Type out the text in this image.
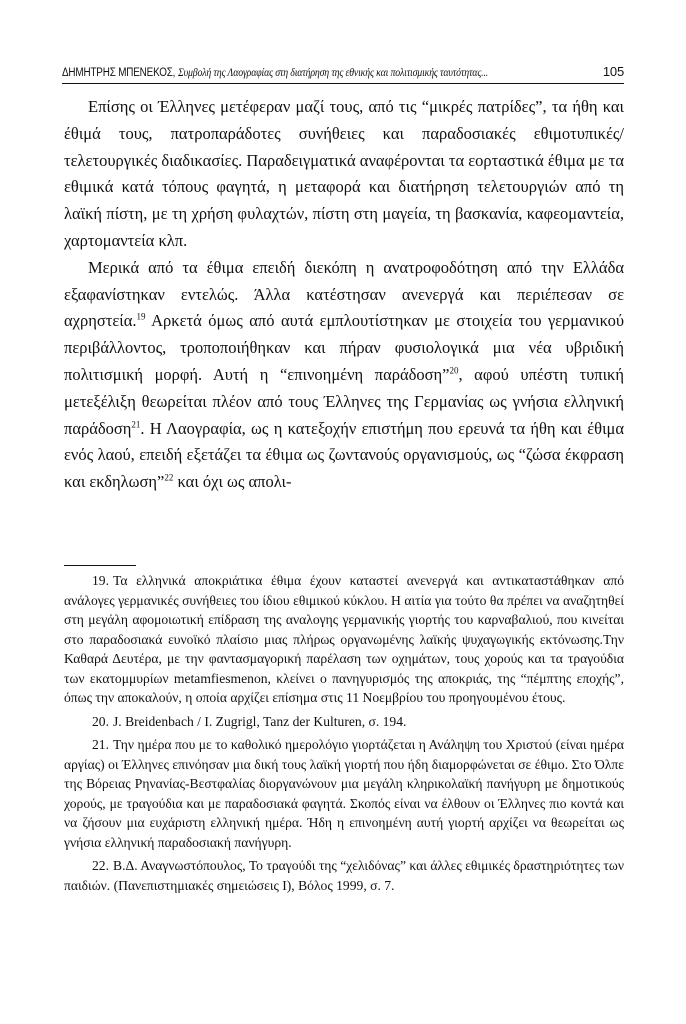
ΔΗΜΗΤΡΗΣ ΜΠΕΝΕΚΟΣ, Συμβολή της Λαογραφίας στη διατήρηση της εθνικής και πολιτισμικής ταυτότητας...	105

Επίσης οι Έλληνες μετέφεραν μαζί τους, από τις “μικρές πατρίδες”, τα ήθη και έθιμά τους, πατροπαράδοτες συνήθειες και παραδοσιακές εθιμοτυπικές/τελετουργικές διαδικασίες. Παραδειγματικά αναφέρονται τα εορταστικά έθιμα με τα εθιμικά κατά τόπους φαγητά, η μεταφορά και διατήρηση τελετουργιών από τη λαϊκή πίστη, με τη χρήση φυλαχτών, πίστη στη μαγεία, τη βασκανία, καφεομαντεία, χαρτομαντεία κλπ.

Μερικά από τα έθιμα επειδή διεκόπη η ανατροφοδότηση από την Ελλάδα εξαφανίστηκαν εντελώς. Άλλα κατέστησαν ανενεργά και περιέπεσαν σε αχρηστεία.$^{19}$ Αρκετά όμως από αυτά εμπλουτίστηκαν με στοιχεία του γερμανικού περιβάλλοντος, τροποποιήθηκαν και πήραν φυσιολογικά μια νέα υβριδική πολιτισμική μορφή. Αυτή η “επινοημένη παράδοση”$^{20}$, αφού υπέστη τυπική μετεξέλιξη θεωρείται πλέον από τους Έλληνες της Γερμανίας ως γνήσια ελληνική παράδοση$^{21}$. Η Λαογραφία, ως η κατεξοχήν επιστήμη που ερευνά τα ήθη και έθιμα ενός λαού, επειδή εξετάζει τα έθιμα ως ζωντανούς οργανισμούς, ως “ζώσα έκφραση και εκδηλωση”$^{22}$ και όχι ως απολι-

19. Τα ελληνικά αποκριάτικα έθιμα έχουν καταστεί ανενεργά και αντικαταστάθηκαν από ανάλογες γερμανικές συνήθειες του ίδιου εθιμικού κύκλου. Η αιτία για τούτο θα πρέπει να αναζητηθεί στη μεγάλη αφομοιωτική επίδραση της αναλογης γερμανικής γιορτής του καρναβαλιού, που κινείται στο παραδοσιακά ευνοϊκό πλαίσιο μιας πλήρως οργανωμένης λαϊκής ψυχαγωγικής εκτόνωσης.Την Καθαρά Δευτέρα, με την φαντασμαγορική παρέλαση των οχημάτων, τους χορούς και τα τραγούδια των εκατομμυρίων metamfiesmenon, κλείνει ο πανηγυρισμός της αποκριάς, της “πέμπτης εποχής”, όπως την αποκαλούν, η οποία αρχίζει επίσημα στις 11 Νοεμβρίου του προηγουμένου έτους.

20. J. Breidenbach / I. Zugrigl, Tanz der Kulturen, σ. 194.

21. Την ημέρα που με το καθολικό ημερολόγιο γιορτάζεται η Ανάληψη του Χριστού (είναι ημέρα αργίας) οι Έλληνες επινόησαν μια δική τους λαϊκή γιορτή που ήδη διαμορφώνεται σε έθιμο. Στο Όλπε της Βόρειας Ρηνανίας-Βεστφαλίας διοργανώνουν μια μεγάλη κληρικολαϊκή πανήγυρη με δημοτικούς χορούς, με τραγούδια και με παραδοσιακά φαγητά. Σκοπός είναι να έλθουν οι Έλληνες πιο κοντά και να ζήσουν μια ευχάριστη ελληνική ημέρα. Ήδη η επινοημένη αυτή γιορτή αρχίζει να θεωρείται ως γνήσια ελληνική παραδοσιακή πανήγυρη.

22. Β.Δ. Αναγνωστόπουλος, Το τραγούδι της “χελιδόνας” και άλλες εθιμικές δραστηριότητες των παιδιών. (Πανεπιστημιακές σημειώσεις Ι), Βόλος 1999, σ. 7.
